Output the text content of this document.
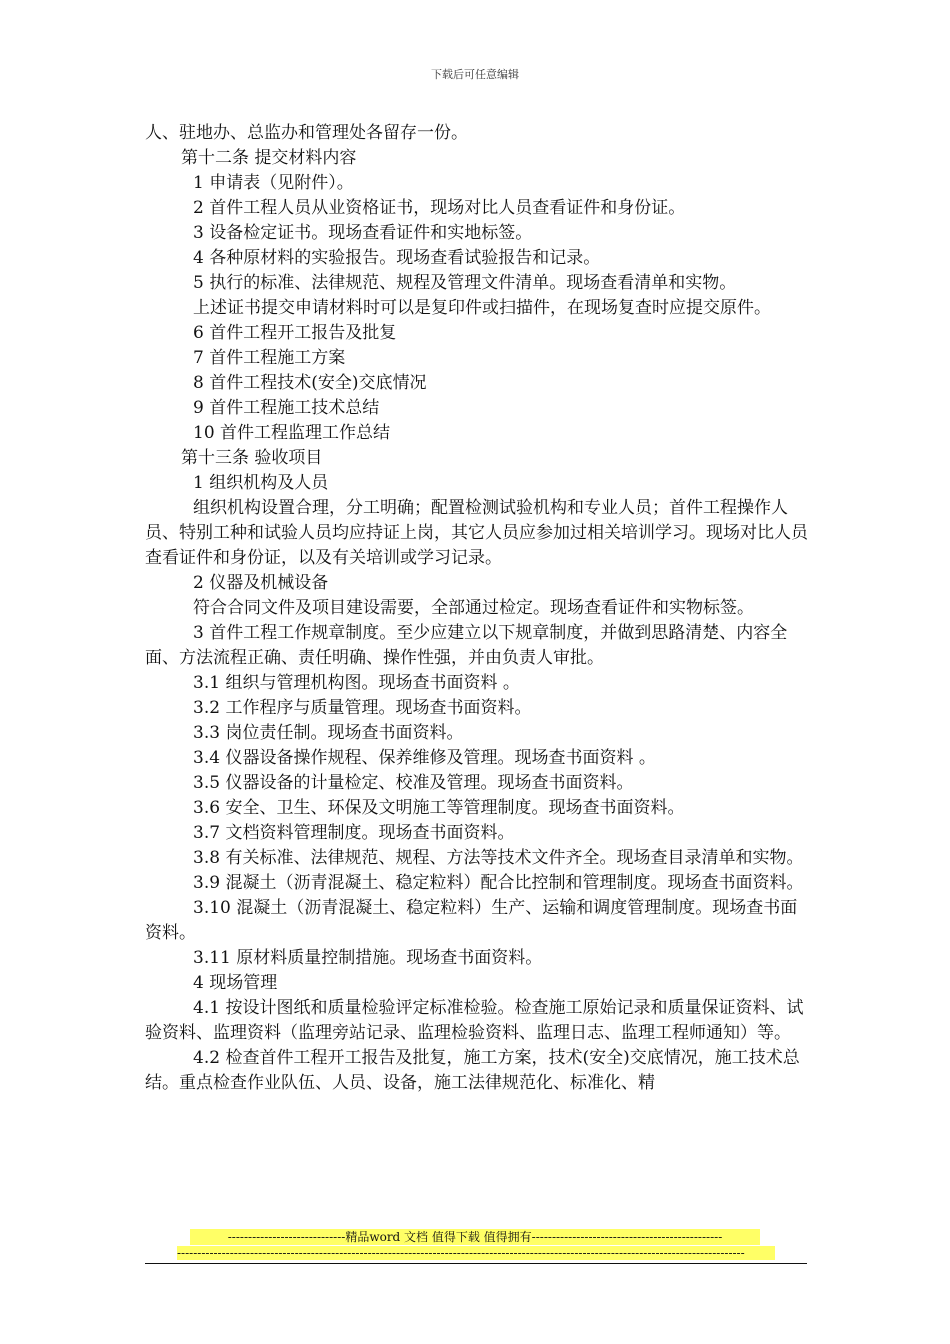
下载后可任意编辑
人、驻地办、总监办和管理处各留存一份。
第十二条 提交材料内容
1 申请表（见附件）。
2 首件工程人员从业资格证书，现场对比人员查看证件和身份证。
3 设备检定证书。现场查看证件和实地标签。
4 各种原材料的实验报告。现场查看试验报告和记录。
5 执行的标准、法律规范、规程及管理文件清单。现场查看清单和实物。
上述证书提交申请材料时可以是复印件或扫描件，在现场复查时应提交原件。
6 首件工程开工报告及批复
7 首件工程施工方案
8 首件工程技术(安全)交底情况
9 首件工程施工技术总结
10 首件工程监理工作总结
第十三条 验收项目
1 组织机构及人员
组织机构设置合理，分工明确；配置检测试验机构和专业人员；首件工程操作人员、特别工种和试验人员均应持证上岗，其它人员应参加过相关培训学习。现场对比人员查看证件和身份证，以及有关培训或学习记录。
2 仪器及机械设备
符合合同文件及项目建设需要，全部通过检定。现场查看证件和实物标签。
3 首件工程工作规章制度。至少应建立以下规章制度，并做到思路清楚、内容全面、方法流程正确、责任明确、操作性强，并由负责人审批。
3.1 组织与管理机构图。现场查书面资料 。
3.2 工作程序与质量管理。现场查书面资料。
3.3 岗位责任制。现场查书面资料。
3.4 仪器设备操作规程、保养维修及管理。现场查书面资料 。
3.5 仪器设备的计量检定、校准及管理。现场查书面资料。
3.6 安全、卫生、环保及文明施工等管理制度。现场查书面资料。
3.7 文档资料管理制度。现场查书面资料。
3.8 有关标准、法律规范、规程、方法等技术文件齐全。现场查目录清单和实物。
3.9 混凝土（沥青混凝土、稳定粒料）配合比控制和管理制度。现场查书面资料。
3.10 混凝土（沥青混凝土、稳定粒料）生产、运输和调度管理制度。现场查书面资料。
3.11 原材料质量控制措施。现场查书面资料。
4 现场管理
4.1 按设计图纸和质量检验评定标准检验。检查施工原始记录和质量保证资料、试验资料、监理资料（监理旁站记录、监理检验资料、监理日志、监理工程师通知）等。
4.2 检查首件工程开工报告及批复，施工方案，技术(安全)交底情况，施工技术总结。重点检查作业队伍、人员、设备，施工法律规范化、标准化、精
-----------------------------精品word 文档 值得下载 值得拥有-----------------------------------------------
--------------------------------------------------------------------------------------------------------------------------------------------
